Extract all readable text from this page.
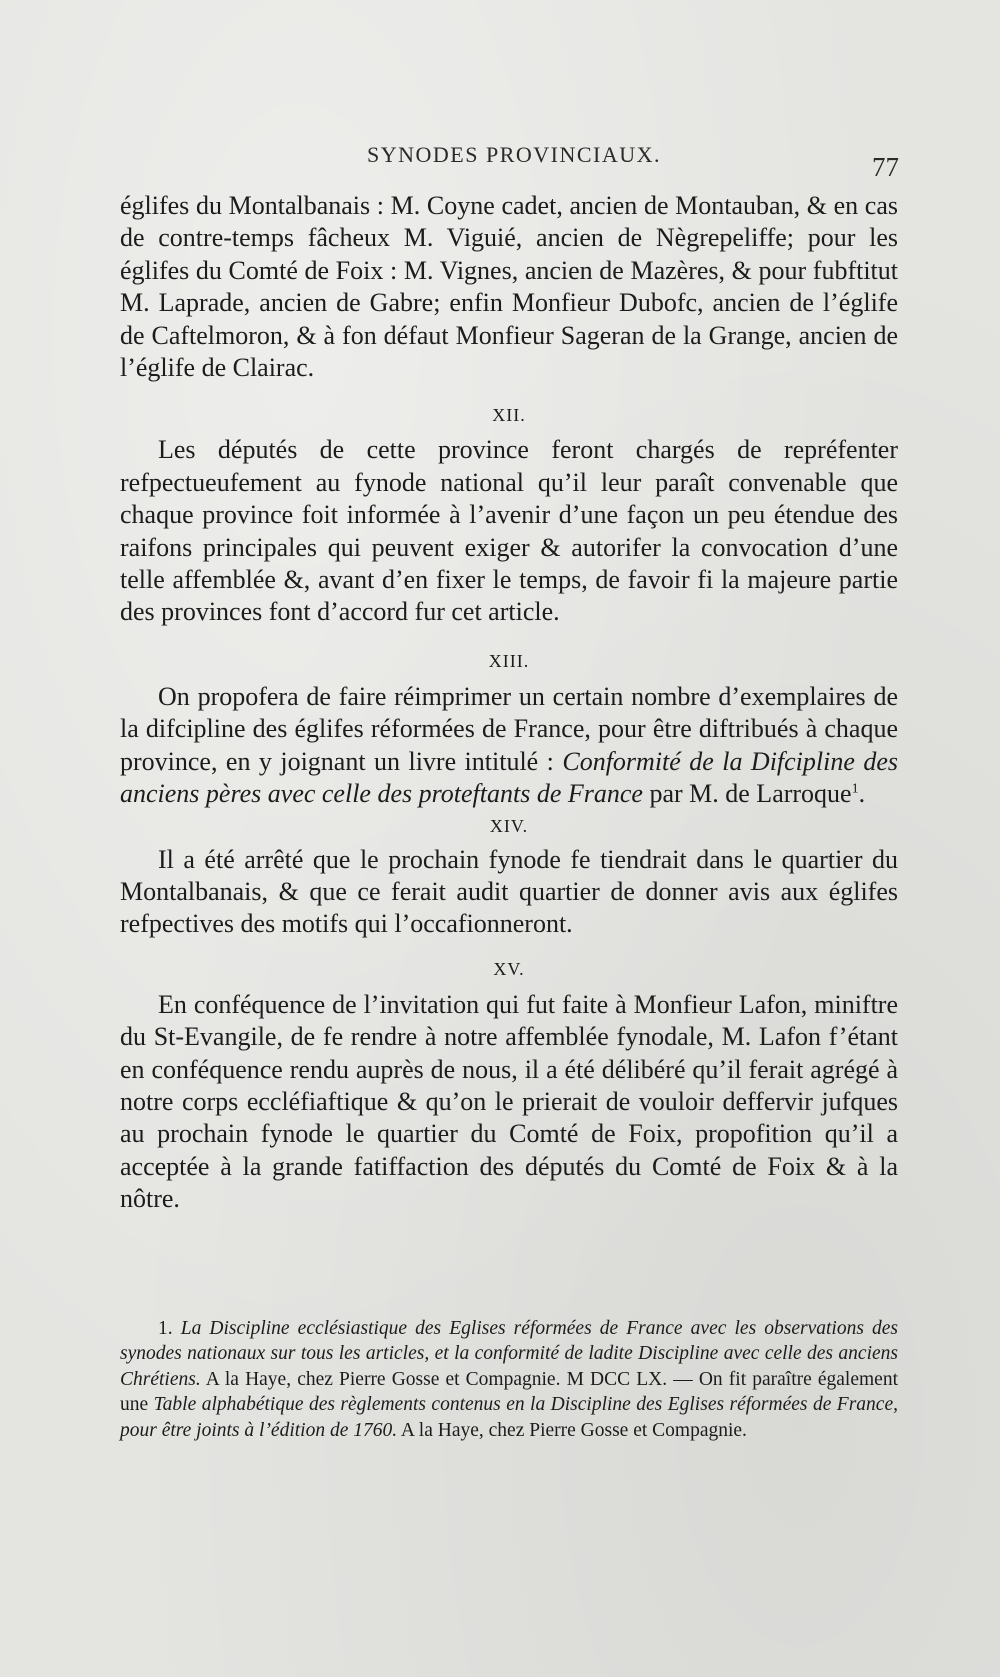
SYNODES PROVINCIAUX.	77

églifes du Montalbanais : M. Coyne cadet, ancien de Montauban, & en cas de contre-temps fâcheux M. Viguié, ancien de Nègrepeliffe; pour les églifes du Comté de Foix : M. Vignes, ancien de Mazères, & pour fubftitut M. Laprade, ancien de Gabre; enfin Monfieur Dubofc, ancien de l’églife de Caftelmoron, & à fon défaut Monfieur Sageran de la Grange, ancien de l’églife de Clairac.

XII.

Les députés de cette province feront chargés de repréfenter refpectueufement au fynode national qu’il leur paraît convenable que chaque province foit informée à l’avenir d’une façon un peu étendue des raifons principales qui peuvent exiger & autorifer la convocation d’une telle affemblée &, avant d’en fixer le temps, de favoir fi la majeure partie des provinces font d’accord fur cet article.

XIII.

On propofera de faire réimprimer un certain nombre d’exemplaires de la difcipline des églifes réformées de France, pour être diftribués à chaque province, en y joignant un livre intitulé : Conformité de la Difcipline des anciens pères avec celle des proteftants de France par M. de Larroque$^1$.

XIV.

Il a été arrêté que le prochain fynode fe tiendrait dans le quartier du Montalbanais, & que ce ferait audit quartier de donner avis aux églifes refpectives des motifs qui l’occafionneront.

XV.

En conféquence de l’invitation qui fut faite à Monfieur Lafon, miniftre du St-Evangile, de fe rendre à notre affemblée fynodale, M. Lafon f’étant en conféquence rendu auprès de nous, il a été délibéré qu’il ferait agrégé à notre corps eccléfiaftique & qu’on le prierait de vouloir deffervir jufques au prochain fynode le quartier du Comté de Foix, propofition qu’il a acceptée à la grande fatiffaction des députés du Comté de Foix & à la nôtre.

1. La Discipline ecclésiastique des Eglises réformées de France avec les observations des synodes nationaux sur tous les articles, et la conformité de ladite Discipline avec celle des anciens Chrétiens. A la Haye, chez Pierre Gosse et Compagnie. M DCC LX. — On fit paraître également une Table alphabétique des règlements contenus en la Discipline des Eglises réformées de France, pour être joints à l’édition de 1760. A la Haye, chez Pierre Gosse et Compagnie.
